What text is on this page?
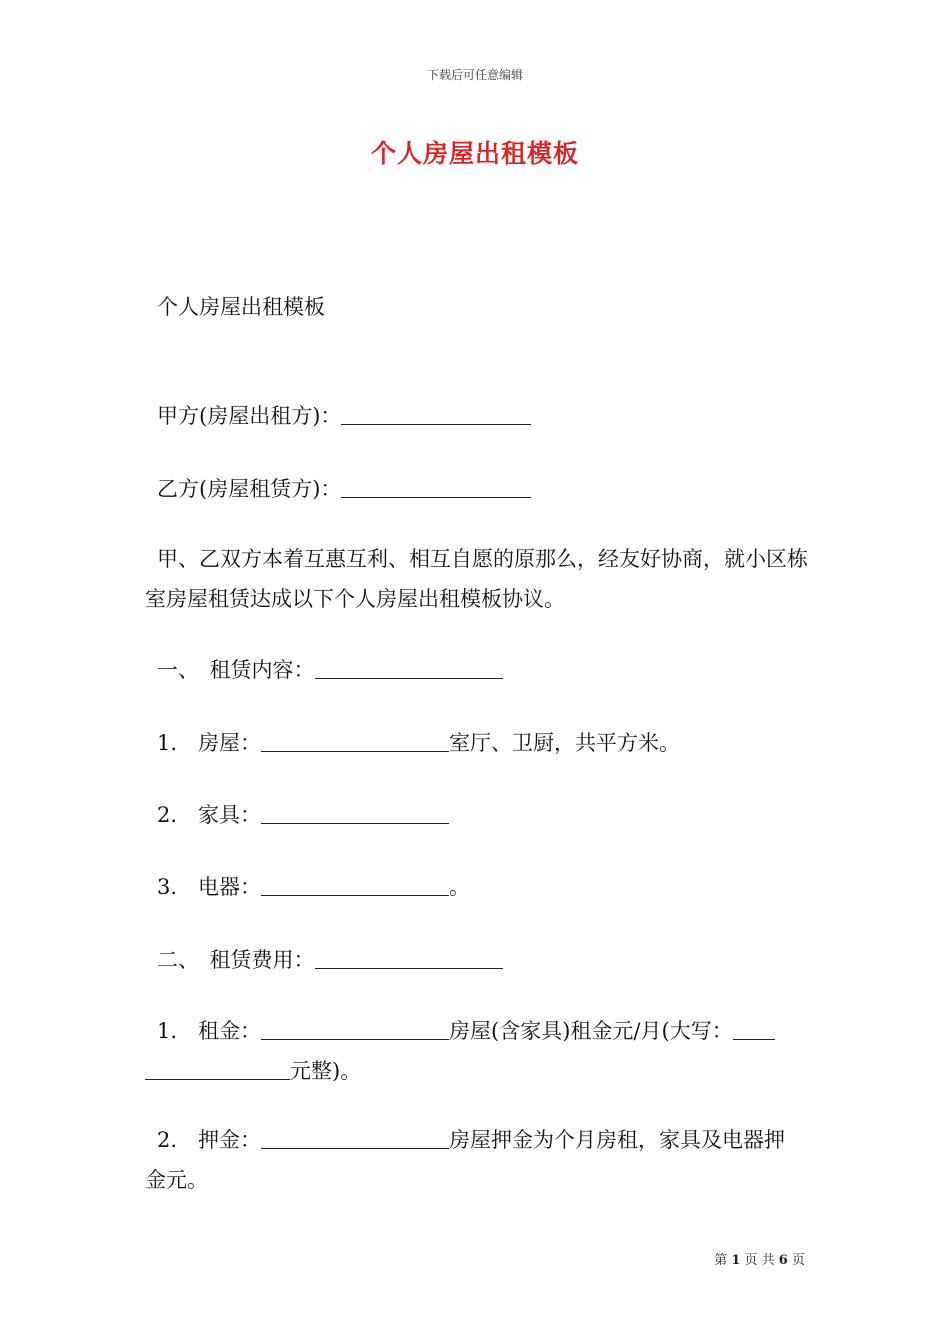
下载后可任意编辑
个人房屋出租模板
个人房屋出租模板
甲方(房屋出租方)：
乙方(房屋租赁方)：
甲、乙双方本着互惠互利、相互自愿的原那么，经友好协商，就小区栋室房屋租赁达成以下个人房屋出租模板协议。
一、　租赁内容：
1.　房屋：	室厅、卫厨，共平方米。
2.　家具：
3.　电器：	。
二、　租赁费用：
1.　租金：	房屋(含家具)租金元/月(大写：
元整)。
2.　押金：	房屋押金为个月房租，家具及电器押
金元。
第 1 页 共 6 页
